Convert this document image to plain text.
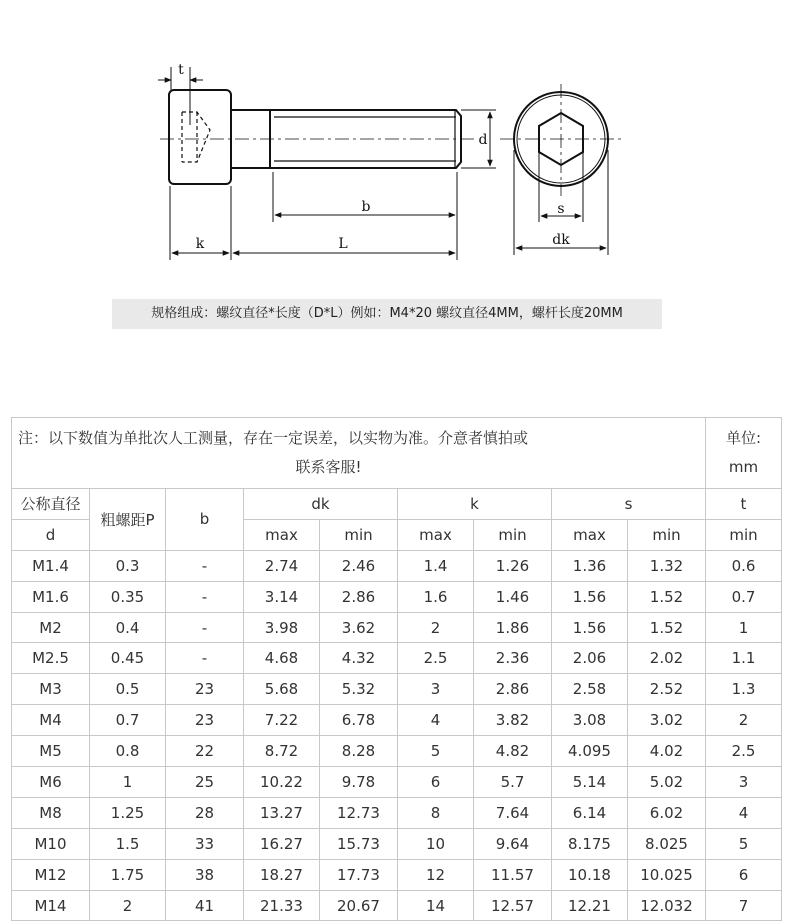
t
d
b
k	L
s
dk
规格组成：螺纹直径*长度（D*L）例如：M4*20 螺纹直径4MM，螺杆长度20MM
注：以下数值为单批次人工测量，存在一定误差，以实物为准。介意者慎拍或
联系客服!									单位:
mm
公称直径	粗螺距P	b	dk		k		s		t
d			max	min	max	min	max	min	min
M1.4	0.3	-	2.74	2.46	1.4	1.26	1.36	1.32	0.6
M1.6	0.35	-	3.14	2.86	1.6	1.46	1.56	1.52	0.7
M2	0.4	-	3.98	3.62	2	1.86	1.56	1.52	1
M2.5	0.45	-	4.68	4.32	2.5	2.36	2.06	2.02	1.1
M3	0.5	23	5.68	5.32	3	2.86	2.58	2.52	1.3
M4	0.7	23	7.22	6.78	4	3.82	3.08	3.02	2
M5	0.8	22	8.72	8.28	5	4.82	4.095	4.02	2.5
M6	1	25	10.22	9.78	6	5.7	5.14	5.02	3
M8	1.25	28	13.27	12.73	8	7.64	6.14	6.02	4
M10	1.5	33	16.27	15.73	10	9.64	8.175	8.025	5
M12	1.75	38	18.27	17.73	12	11.57	10.18	10.025	6
M14	2	41	21.33	20.67	14	12.57	12.21	12.032	7
